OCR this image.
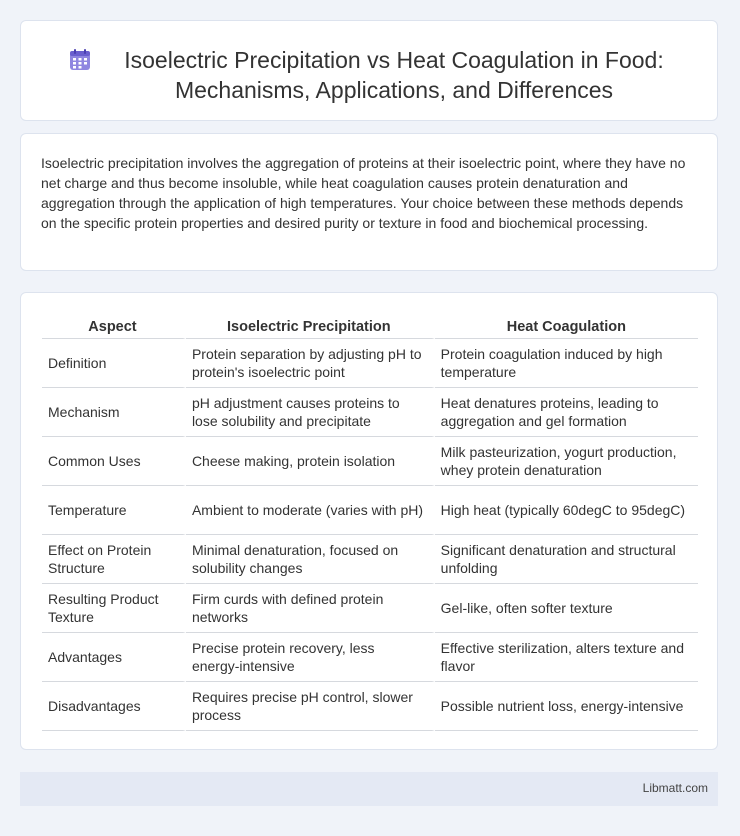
Isoelectric Precipitation vs Heat Coagulation in Food:
Mechanisms, Applications, and Differences
Isoelectric precipitation involves the aggregation of proteins at their isoelectric point, where they have no net charge and thus become insoluble, while heat coagulation causes protein denaturation and aggregation through the application of high temperatures. Your choice between these methods depends on the specific protein properties and desired purity or texture in food and biochemical processing.
Aspect	Isoelectric Precipitation	Heat Coagulation
Definition	Protein separation by adjusting pH to protein's isoelectric point	Protein coagulation induced by high temperature
Mechanism	pH adjustment causes proteins to lose solubility and precipitate	Heat denatures proteins, leading to aggregation and gel formation
Common Uses	Cheese making, protein isolation	Milk pasteurization, yogurt production, whey protein denaturation
Temperature	Ambient to moderate (varies with pH)	High heat (typically 60degC to 95degC)
Effect on Protein Structure	Minimal denaturation, focused on solubility changes	Significant denaturation and structural unfolding
Resulting Product Texture	Firm curds with defined protein networks	Gel-like, often softer texture
Advantages	Precise protein recovery, less energy-intensive	Effective sterilization, alters texture and flavor
Disadvantages	Requires precise pH control, slower process	Possible nutrient loss, energy-intensive
Libmatt.com
